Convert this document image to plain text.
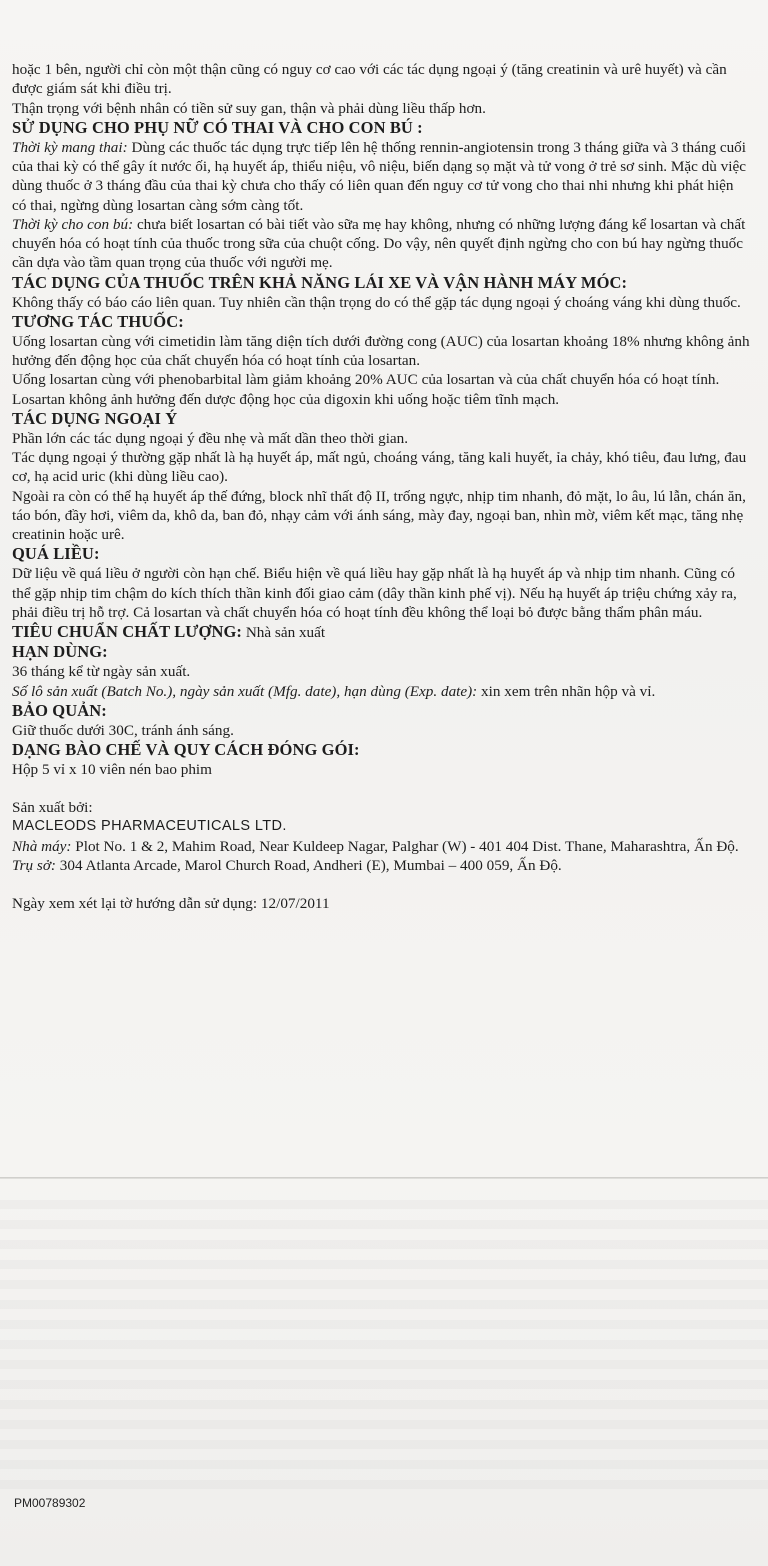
hoặc 1 bên, người chỉ còn một thận cũng có nguy cơ cao với các tác dụng ngoại ý (tăng creatinin và urê huyết) và cần được giám sát khi điều trị.

Thận trọng với bệnh nhân có tiền sử suy gan, thận và phải dùng liều thấp hơn.

SỬ DỤNG CHO PHỤ NỮ CÓ THAI VÀ CHO CON BÚ :

Thời kỳ mang thai: Dùng các thuốc tác dụng trực tiếp lên hệ thống rennin-angiotensin trong 3 tháng giữa và 3 tháng cuối của thai kỳ có thể gây ít nước ối, hạ huyết áp, thiểu niệu, vô niệu, biến dạng sọ mặt và tử vong ở trẻ sơ sinh. Mặc dù việc dùng thuốc ở 3 tháng đầu của thai kỳ chưa cho thấy có liên quan đến nguy cơ tử vong cho thai nhi nhưng khi phát hiện có thai, ngừng dùng losartan càng sớm càng tốt.

Thời kỳ cho con bú: chưa biết losartan có bài tiết vào sữa mẹ hay không, nhưng có những lượng đáng kể losartan và chất chuyển hóa có hoạt tính của thuốc trong sữa của chuột cống. Do vậy, nên quyết định ngừng cho con bú hay ngừng thuốc cần dựa vào tầm quan trọng của thuốc với người mẹ.

TÁC DỤNG CỦA THUỐC TRÊN KHẢ NĂNG LÁI XE VÀ VẬN HÀNH MÁY MÓC:

Không thấy có báo cáo liên quan. Tuy nhiên cần thận trọng do có thể gặp tác dụng ngoại ý choáng váng khi dùng thuốc.

TƯƠNG TÁC THUỐC:

Uống losartan cùng với cimetidin làm tăng diện tích dưới đường cong (AUC) của losartan khoảng 18% nhưng không ảnh hưởng đến động học của chất chuyển hóa có hoạt tính của losartan.

Uống losartan cùng với phenobarbital làm giảm khoảng 20% AUC của losartan và của chất chuyển hóa có hoạt tính.

Losartan không ảnh hưởng đến dược động học của digoxin khi uống hoặc tiêm tĩnh mạch.

TÁC DỤNG NGOẠI Ý

Phần lớn các tác dụng ngoại ý đều nhẹ và mất dần theo thời gian.

Tác dụng ngoại ý thường gặp nhất là hạ huyết áp, mất ngủ, choáng váng, tăng kali huyết, ỉa chảy, khó tiêu, đau lưng, đau cơ, hạ acid uric (khi dùng liều cao).

Ngoài ra còn có thể hạ huyết áp thế đứng, block nhĩ thất độ II, trống ngực, nhịp tim nhanh, đỏ mặt, lo âu, lú lẫn, chán ăn, táo bón, đầy hơi, viêm da, khô da, ban đỏ, nhạy cảm với ánh sáng, mày đay, ngoại ban, nhìn mờ, viêm kết mạc, tăng nhẹ creatinin hoặc urê.

QUÁ LIỀU:

Dữ liệu về quá liều ở người còn hạn chế. Biểu hiện về quá liều hay gặp nhất là hạ huyết áp và nhịp tim nhanh. Cũng có thể gặp nhịp tim chậm do kích thích thần kinh đối giao cảm (dây thần kinh phế vị). Nếu hạ huyết áp triệu chứng xảy ra, phải điều trị hỗ trợ. Cả losartan và chất chuyển hóa có hoạt tính đều không thể loại bỏ được bằng thẩm phân máu.

TIÊU CHUẨN CHẤT LƯỢNG: Nhà sản xuất

HẠN DÙNG:

36 tháng kể từ ngày sản xuất.

Số lô sản xuất (Batch No.), ngày sản xuất (Mfg. date), hạn dùng (Exp. date): xin xem trên nhãn hộp và vỉ.

BẢO QUẢN:

Giữ thuốc dưới 30C, tránh ánh sáng.

DẠNG BÀO CHẾ VÀ QUY CÁCH ĐÓNG GÓI:

Hộp 5 vỉ x 10 viên nén bao phim

Sản xuất bởi:

MACLEODS PHARMACEUTICALS LTD.

Nhà máy: Plot No. 1 & 2, Mahim Road, Near Kuldeep Nagar, Palghar (W) - 401 404 Dist. Thane, Maharashtra, Ấn Độ.

Trụ sở: 304 Atlanta Arcade, Marol Church Road, Andheri (E), Mumbai – 400 059, Ấn Độ.

Ngày xem xét lại tờ hướng dẫn sử dụng: 12/07/2011

PM00789302
